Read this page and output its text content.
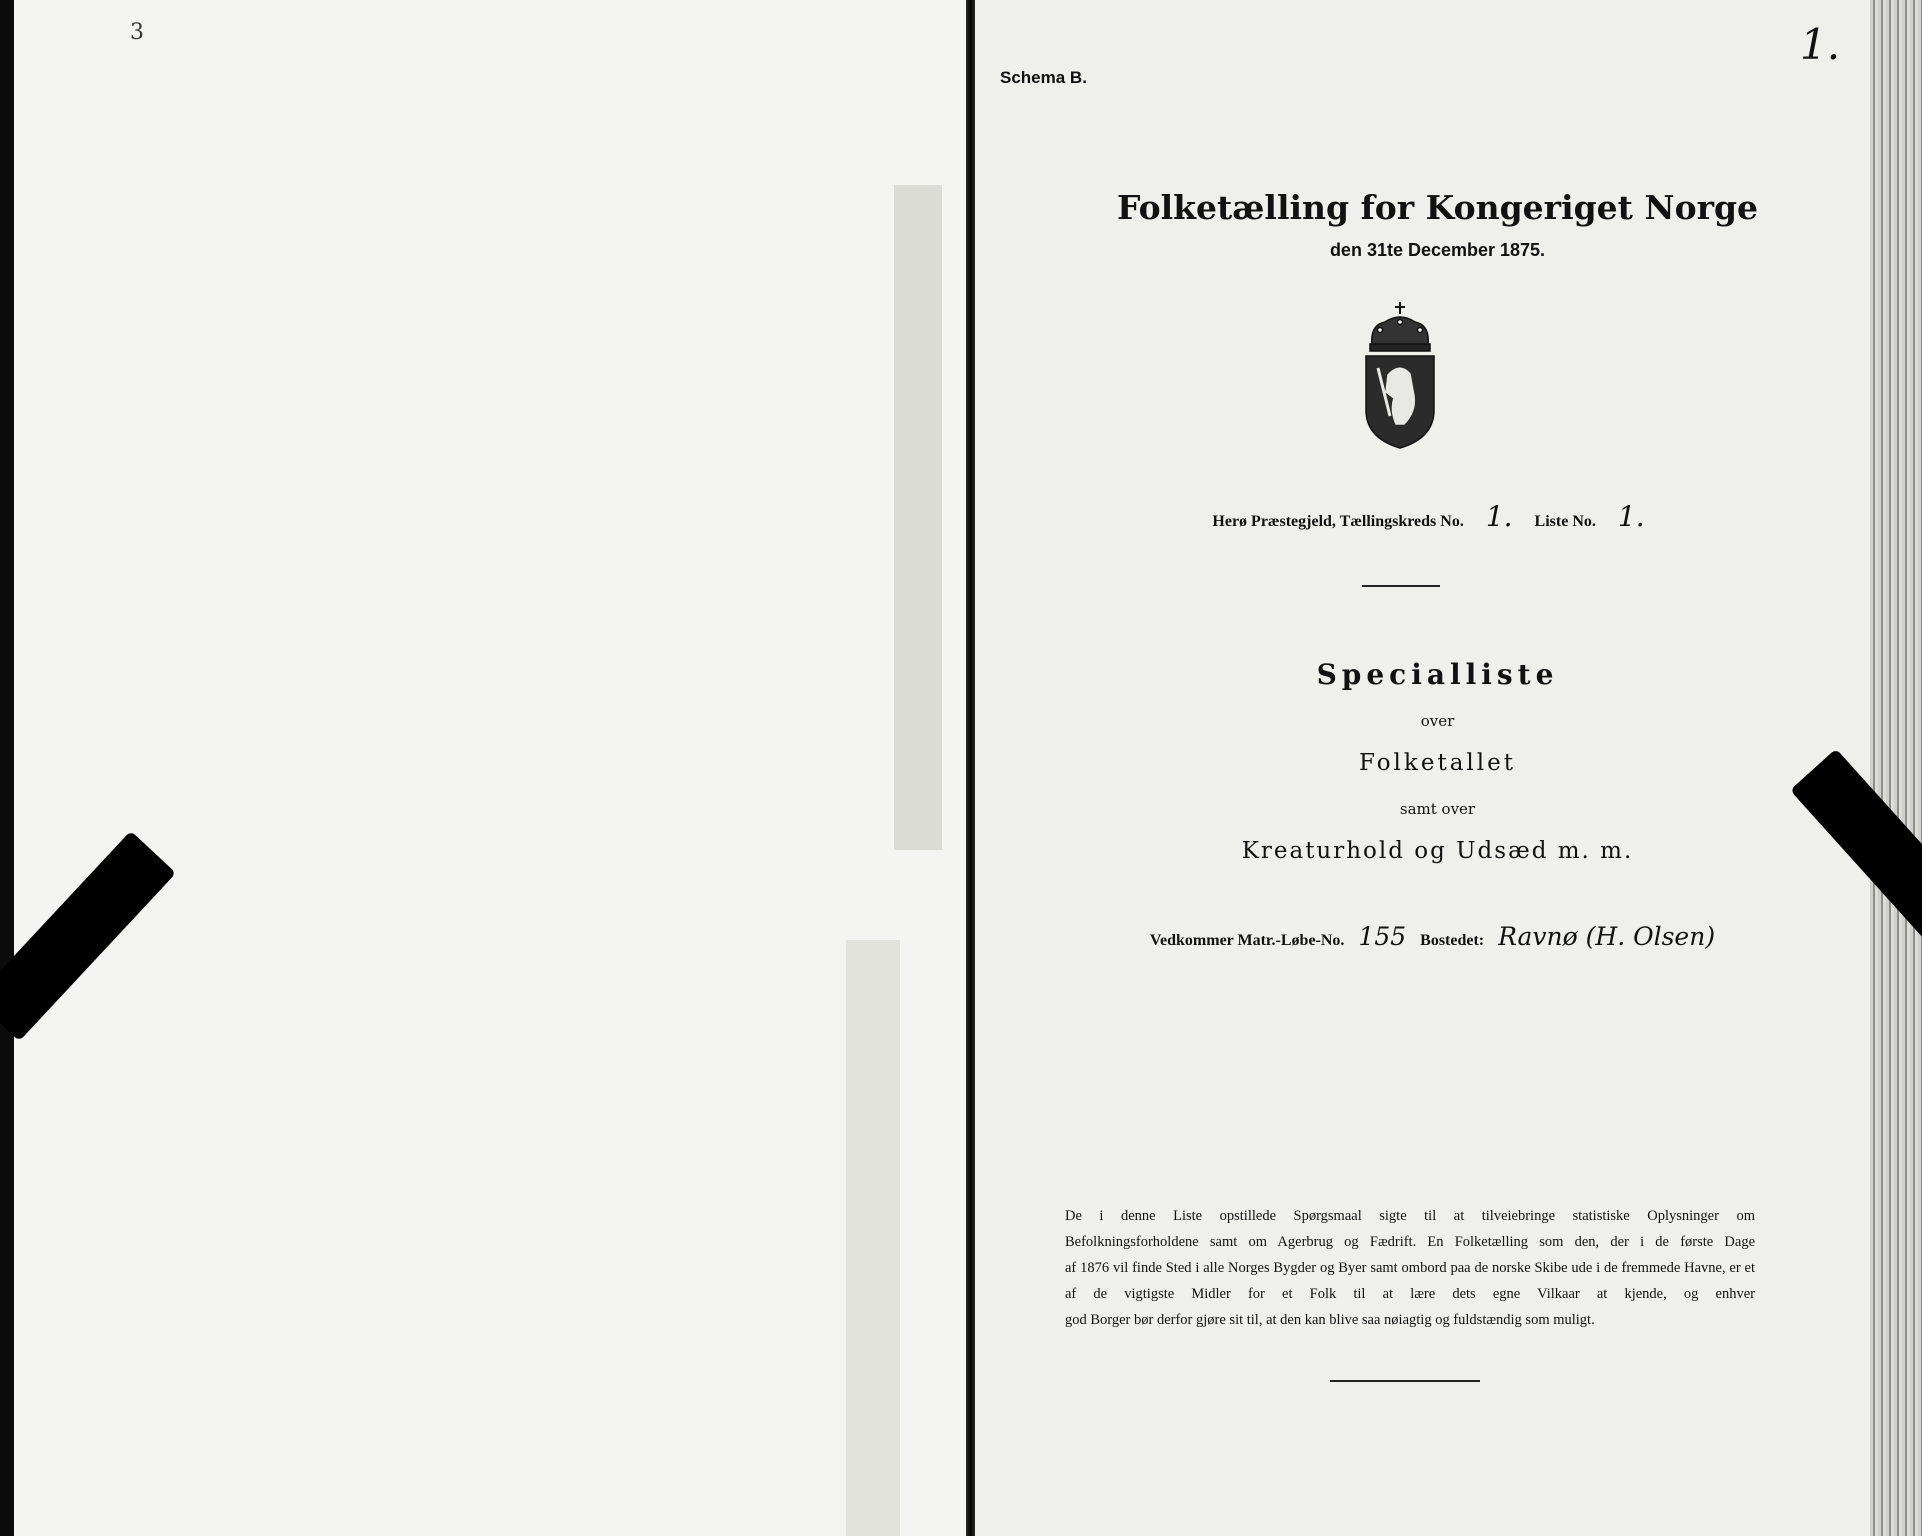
3
Schema B.
1.
Folketælling for Kongeriget Norge
den 31te December 1875.
Herø Præstegjeld, Tællingskreds No. 1. Liste No. 1.
Specialliste
over
Folketallet
samt over
Kreaturhold og Udsæd m. m.
Vedkommer Matr.-Løbe-No. 155 Bostedet: Ravnø (H. Olsen)
De i denne Liste opstillede Spørgsmaal sigte til at tilveiebringe statistiske Oplysninger om
Befolkningsforholdene samt om Agerbrug og Fædrift. En Folketælling som den, der i de første Dage
af 1876 vil finde Sted i alle Norges Bygder og Byer samt ombord paa de norske Skibe ude i de fremmede Havne, er et af de vigtigste Midler for et Folk til at lære dets egne Vilkaar at kjende, og enhver
god Borger bør derfor gjøre sit til, at den kan blive saa nøiagtig og fuldstændig som muligt.
